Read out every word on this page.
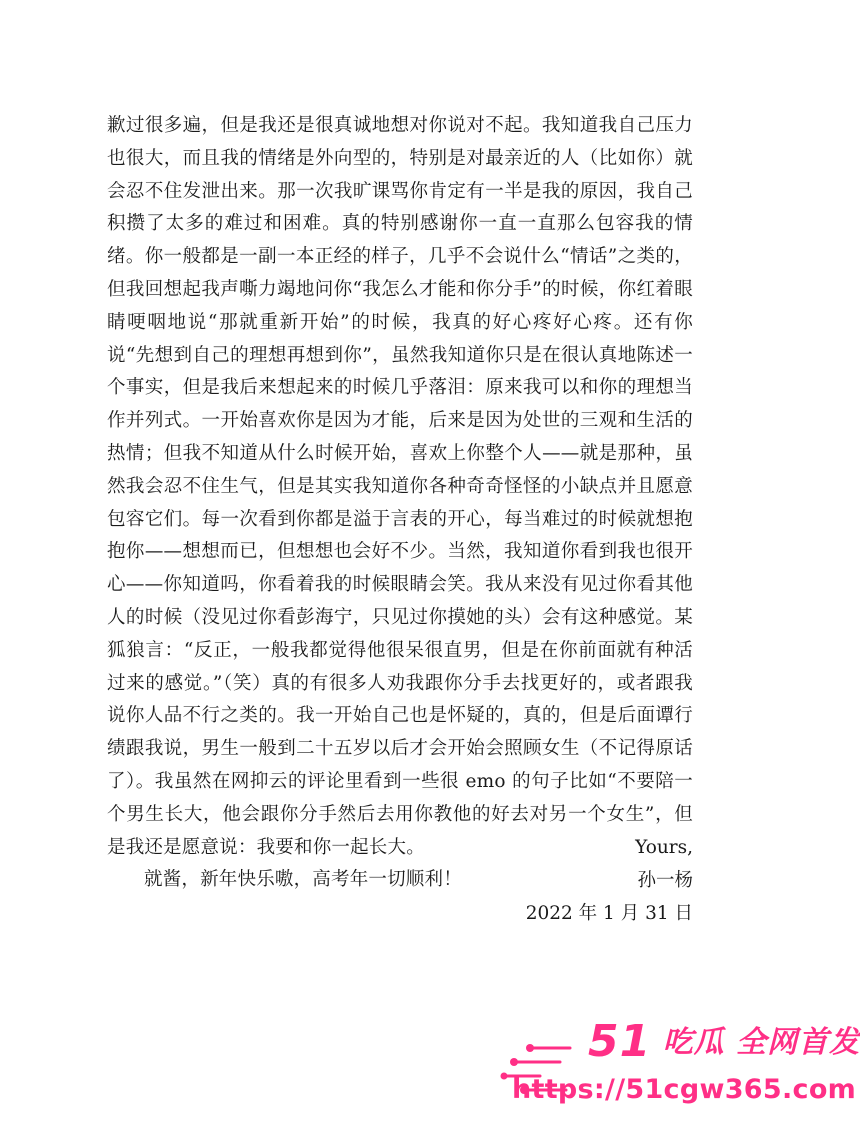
歉过很多遍，但是我还是很真诚地想对你说对不起。我知道我自己压力也很大，而且我的情绪是外向型的，特别是对最亲近的人（比如你）就会忍不住发泄出来。那一次我旷课骂你肯定有一半是我的原因，我自己积攒了太多的难过和困难。真的特别感谢你一直一直那么包容我的情绪。你一般都是一副一本正经的样子，几乎不会说什么“情话”之类的，但我回想起我声嘶力竭地问你“我怎么才能和你分手”的时候，你红着眼睛哽咽地说“那就重新开始”的时候，我真的好心疼好心疼。还有你说“先想到自己的理想再想到你”，虽然我知道你只是在很认真地陈述一个事实，但是我后来想起来的时候几乎落泪：原来我可以和你的理想当作并列式。一开始喜欢你是因为才能，后来是因为处世的三观和生活的热情；但我不知道从什么时候开始，喜欢上你整个人——就是那种，虽然我会忍不住生气，但是其实我知道你各种奇奇怪怪的小缺点并且愿意包容它们。每一次看到你都是溢于言表的开心，每当难过的时候就想抱抱你——想想而已，但想想也会好不少。当然，我知道你看到我也很开心——你知道吗，你看着我的时候眼睛会笑。我从来没有见过你看其他人的时候（没见过你看彭海宁，只见过你摸她的头）会有这种感觉。某狐狼言：“反正，一般我都觉得他很呆很直男，但是在你前面就有种活过来的感觉。”（笑）真的有很多人劝我跟你分手去找更好的，或者跟我说你人品不行之类的。我一开始自己也是怀疑的，真的，但是后面谭行绩跟我说，男生一般到二十五岁以后才会开始会照顾女生（不记得原话了）。我虽然在网抑云的评论里看到一些很 emo 的句子比如“不要陪一个男生长大，他会跟你分手然后去用你教他的好去对另一个女生”，但是我还是愿意说：我要和你一起长大。

就酱，新年快乐嗷，高考年一切顺利！

Yours,
孙一杨
2022 年 1 月 31 日
51 吃瓜 全网首发
https://51cgw365.com
